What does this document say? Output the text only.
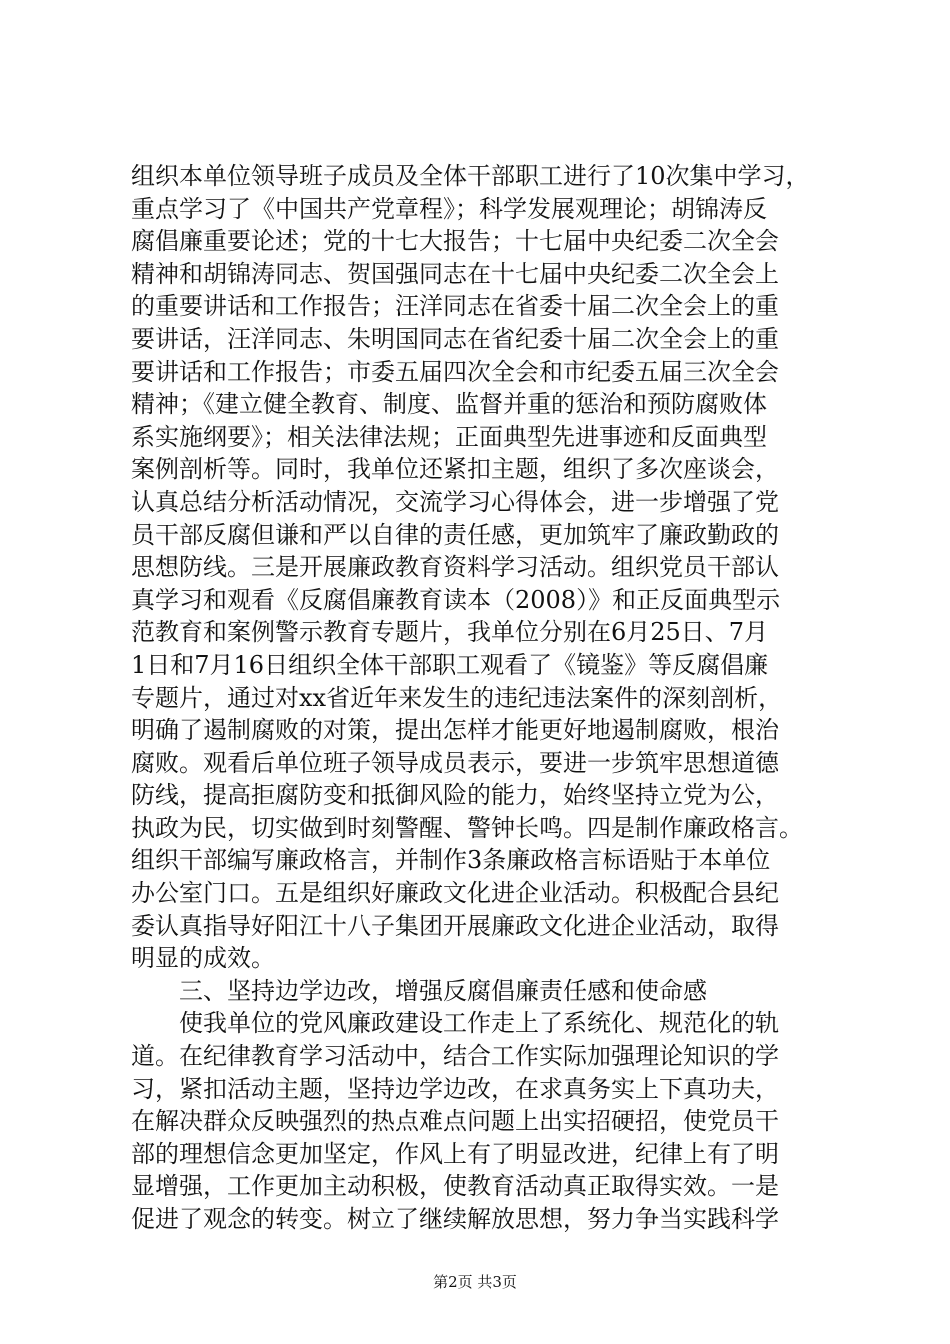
组织本单位领导班子成员及全体干部职工进行了10次集中学习，
重点学习了《中国共产党章程》；科学发展观理论；胡锦涛反
腐倡廉重要论述；党的十七大报告；十七届中央纪委二次全会
精神和胡锦涛同志、贺国强同志在十七届中央纪委二次全会上
的重要讲话和工作报告；汪洋同志在省委十届二次全会上的重
要讲话，汪洋同志、朱明国同志在省纪委十届二次全会上的重
要讲话和工作报告；市委五届四次全会和市纪委五届三次全会
精神；《建立健全教育、制度、监督并重的惩治和预防腐败体
系实施纲要》；相关法律法规；正面典型先进事迹和反面典型
案例剖析等。同时，我单位还紧扣主题，组织了多次座谈会，
认真总结分析活动情况，交流学习心得体会，进一步增强了党
员干部反腐但谦和严以自律的责任感，更加筑牢了廉政勤政的
思想防线。三是开展廉政教育资料学习活动。组织党员干部认
真学习和观看《反腐倡廉教育读本（2008）》和正反面典型示
范教育和案例警示教育专题片，我单位分别在6月25日、7月
1日和7月16日组织全体干部职工观看了《镜鉴》等反腐倡廉
专题片，通过对xx省近年来发生的违纪违法案件的深刻剖析，
明确了遏制腐败的对策，提出怎样才能更好地遏制腐败，根治
腐败。观看后单位班子领导成员表示，要进一步筑牢思想道德
防线，提高拒腐防变和抵御风险的能力，始终坚持立党为公，
执政为民，切实做到时刻警醒、警钟长鸣。四是制作廉政格言。
组织干部编写廉政格言，并制作3条廉政格言标语贴于本单位
办公室门口。五是组织好廉政文化进企业活动。积极配合县纪
委认真指导好阳江十八子集团开展廉政文化进企业活动，取得
明显的成效。
　　三、坚持边学边改，增强反腐倡廉责任感和使命感
　　使我单位的党风廉政建设工作走上了系统化、规范化的轨
道。在纪律教育学习活动中，结合工作实际加强理论知识的学
习，紧扣活动主题，坚持边学边改，在求真务实上下真功夫，
在解决群众反映强烈的热点难点问题上出实招硬招，使党员干
部的理想信念更加坚定，作风上有了明显改进，纪律上有了明
显增强，工作更加主动积极，使教育活动真正取得实效。一是
促进了观念的转变。树立了继续解放思想，努力争当实践科学
第2页 共3页
